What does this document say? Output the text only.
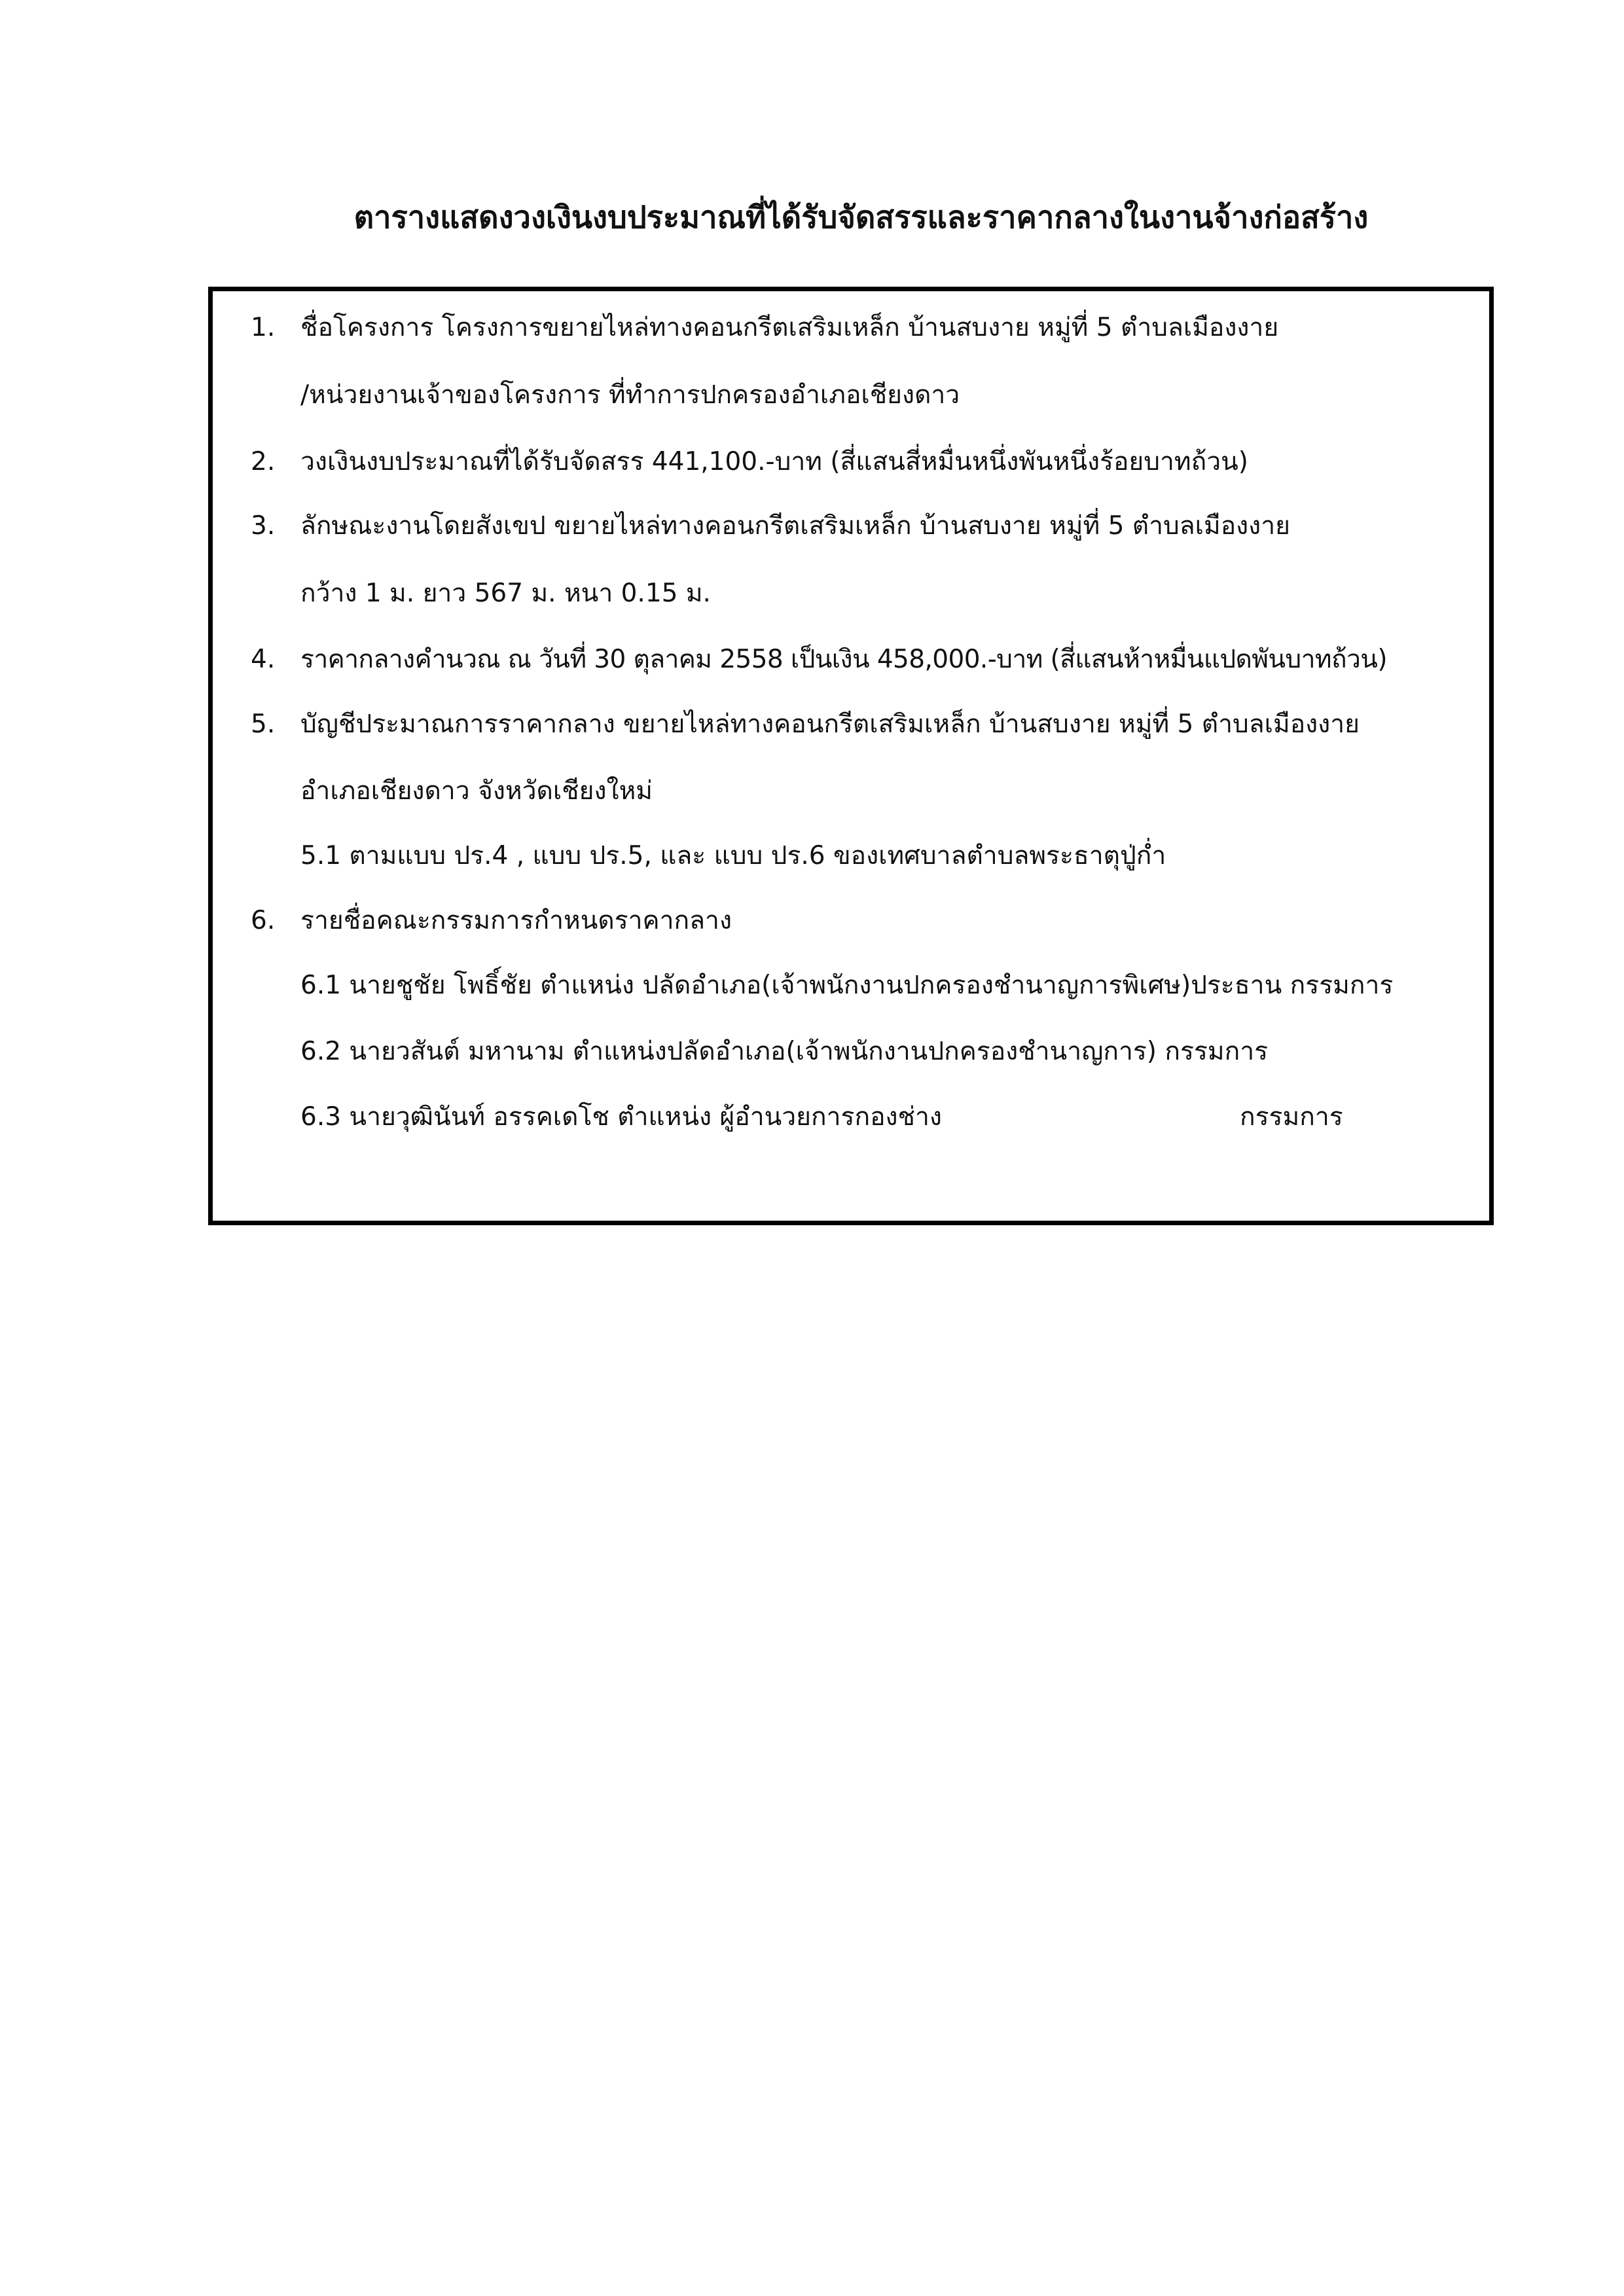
ตารางแสดงวงเงินงบประมาณที่ได้รับจัดสรรและราคากลางในงานจ้างก่อสร้าง
1. ชื่อโครงการ โครงการขยายไหล่ทางคอนกรีตเสริมเหล็ก บ้านสบงาย หมู่ที่ 5 ตำบลเมืองงาย
/หน่วยงานเจ้าของโครงการ ที่ทำการปกครองอำเภอเชียงดาว
2. วงเงินงบประมาณที่ได้รับจัดสรร 441,100.-บาท (สี่แสนสี่หมื่นหนึ่งพันหนึ่งร้อยบาทถ้วน)
3. ลักษณะงานโดยสังเขป ขยายไหล่ทางคอนกรีตเสริมเหล็ก บ้านสบงาย หมู่ที่ 5 ตำบลเมืองงาย
กว้าง 1 ม. ยาว 567 ม. หนา 0.15 ม.
4. ราคากลางคำนวณ ณ วันที่ 30 ตุลาคม 2558 เป็นเงิน 458,000.-บาท (สี่แสนห้าหมื่นแปดพันบาทถ้วน)
5. บัญชีประมาณการราคากลาง ขยายไหล่ทางคอนกรีตเสริมเหล็ก บ้านสบงาย หมู่ที่ 5 ตำบลเมืองงาย
อำเภอเชียงดาว จังหวัดเชียงใหม่
5.1 ตามแบบ ปร.4 , แบบ ปร.5, และ แบบ ปร.6 ของเทศบาลตำบลพระธาตุปู่ก่ำ
6. รายชื่อคณะกรรมการกำหนดราคากลาง
6.1 นายชูชัย โพธิ์ชัย ตำแหน่ง ปลัดอำเภอ(เจ้าพนักงานปกครองชำนาญการพิเศษ)ประธาน กรรมการ
6.2 นายวสันต์ มหานาม ตำแหน่งปลัดอำเภอ(เจ้าพนักงานปกครองชำนาญการ) กรรมการ
6.3 นายวุฒินันท์ อรรคเดโช ตำแหน่ง ผู้อำนวยการกองช่าง	กรรมการ
